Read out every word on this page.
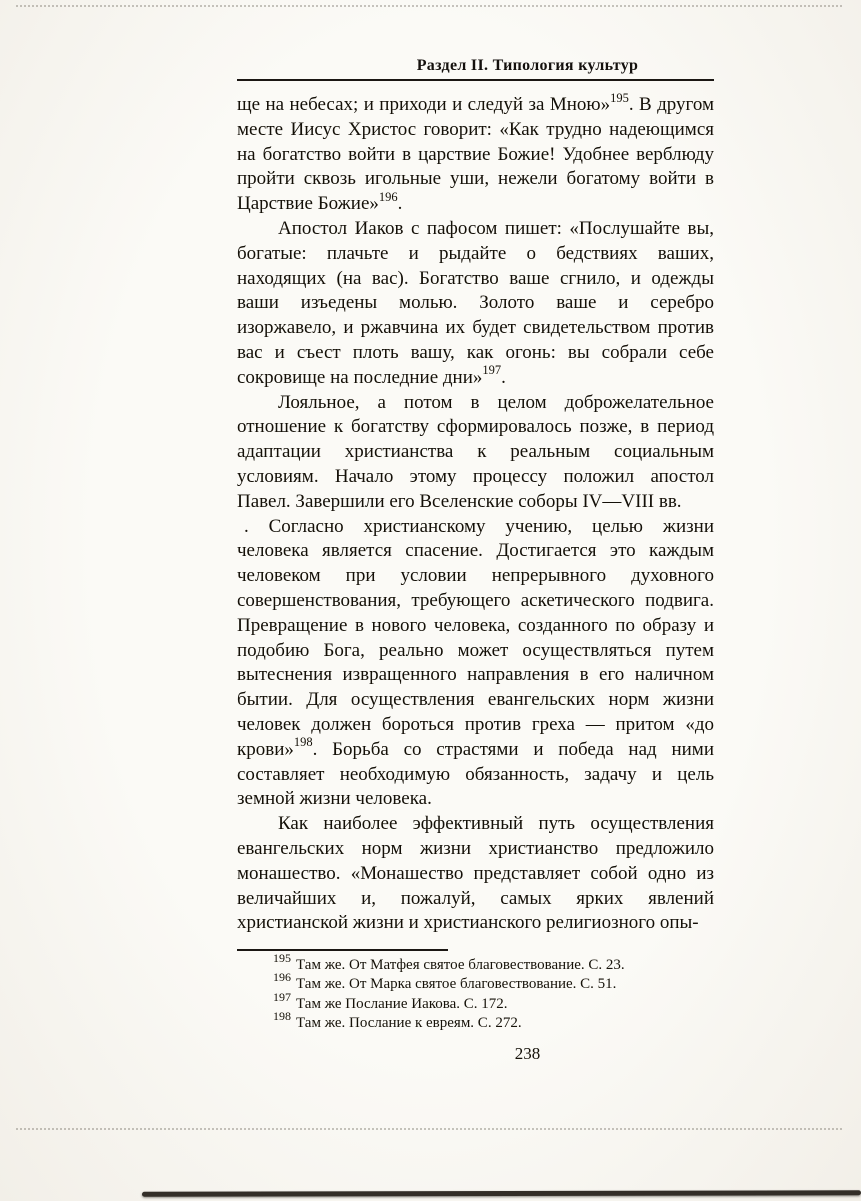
Раздел II. Типология культур

ще на небесах; и приходи и следуй за Мною»$^{195}$. В другом месте Иисус Христос говорит: «Как трудно надеющимся на богатство войти в царствие Божие! Удобнее верблюду пройти сквозь игольные уши, нежели богатому войти в Царствие Божие»$^{196}$.

Апостол Иаков с пафосом пишет: «Послушайте вы, богатые: плачьте и рыдайте о бедствиях ваших, находящих (на вас). Богатство ваше сгнило, и одежды ваши изъедены молью. Золото ваше и серебро изоржавело, и ржавчина их будет свидетельством против вас и съест плоть вашу, как огонь: вы собрали себе сокровище на последние дни»$^{197}$.

Лояльное, а потом в целом доброжелательное отношение к богатству сформировалось позже, в период адаптации христианства к реальным социальным условиям. Начало этому процессу положил апостол Павел. Завершили его Вселенские соборы IV—VIII вв.

. Согласно христианскому учению, целью жизни человека является спасение. Достигается это каждым человеком при условии непрерывного духовного совершенствования, требующего аскетического подвига. Превращение в нового человека, созданного по образу и подобию Бога, реально может осуществляться путем вытеснения извращенного направления в его наличном бытии. Для осуществления евангельских норм жизни человек должен бороться против греха — притом «до крови»$^{198}$. Борьба со страстями и победа над ними составляет необходимую обязанность, задачу и цель земной жизни человека.

Как наиболее эффективный путь осуществления евангельских норм жизни христианство предложило монашество. «Монашество представляет собой одно из величайших и, пожалуй, самых ярких явлений христианской жизни и христианского религиозного опы-

$^{195}$ Там же. От Матфея святое благовествование. С. 23.
$^{196}$ Там же. От Марка святое благовествование. С. 51.
$^{197}$ Там же Послание Иакова. С. 172.
$^{198}$ Там же. Послание к евреям. С. 272.
238
